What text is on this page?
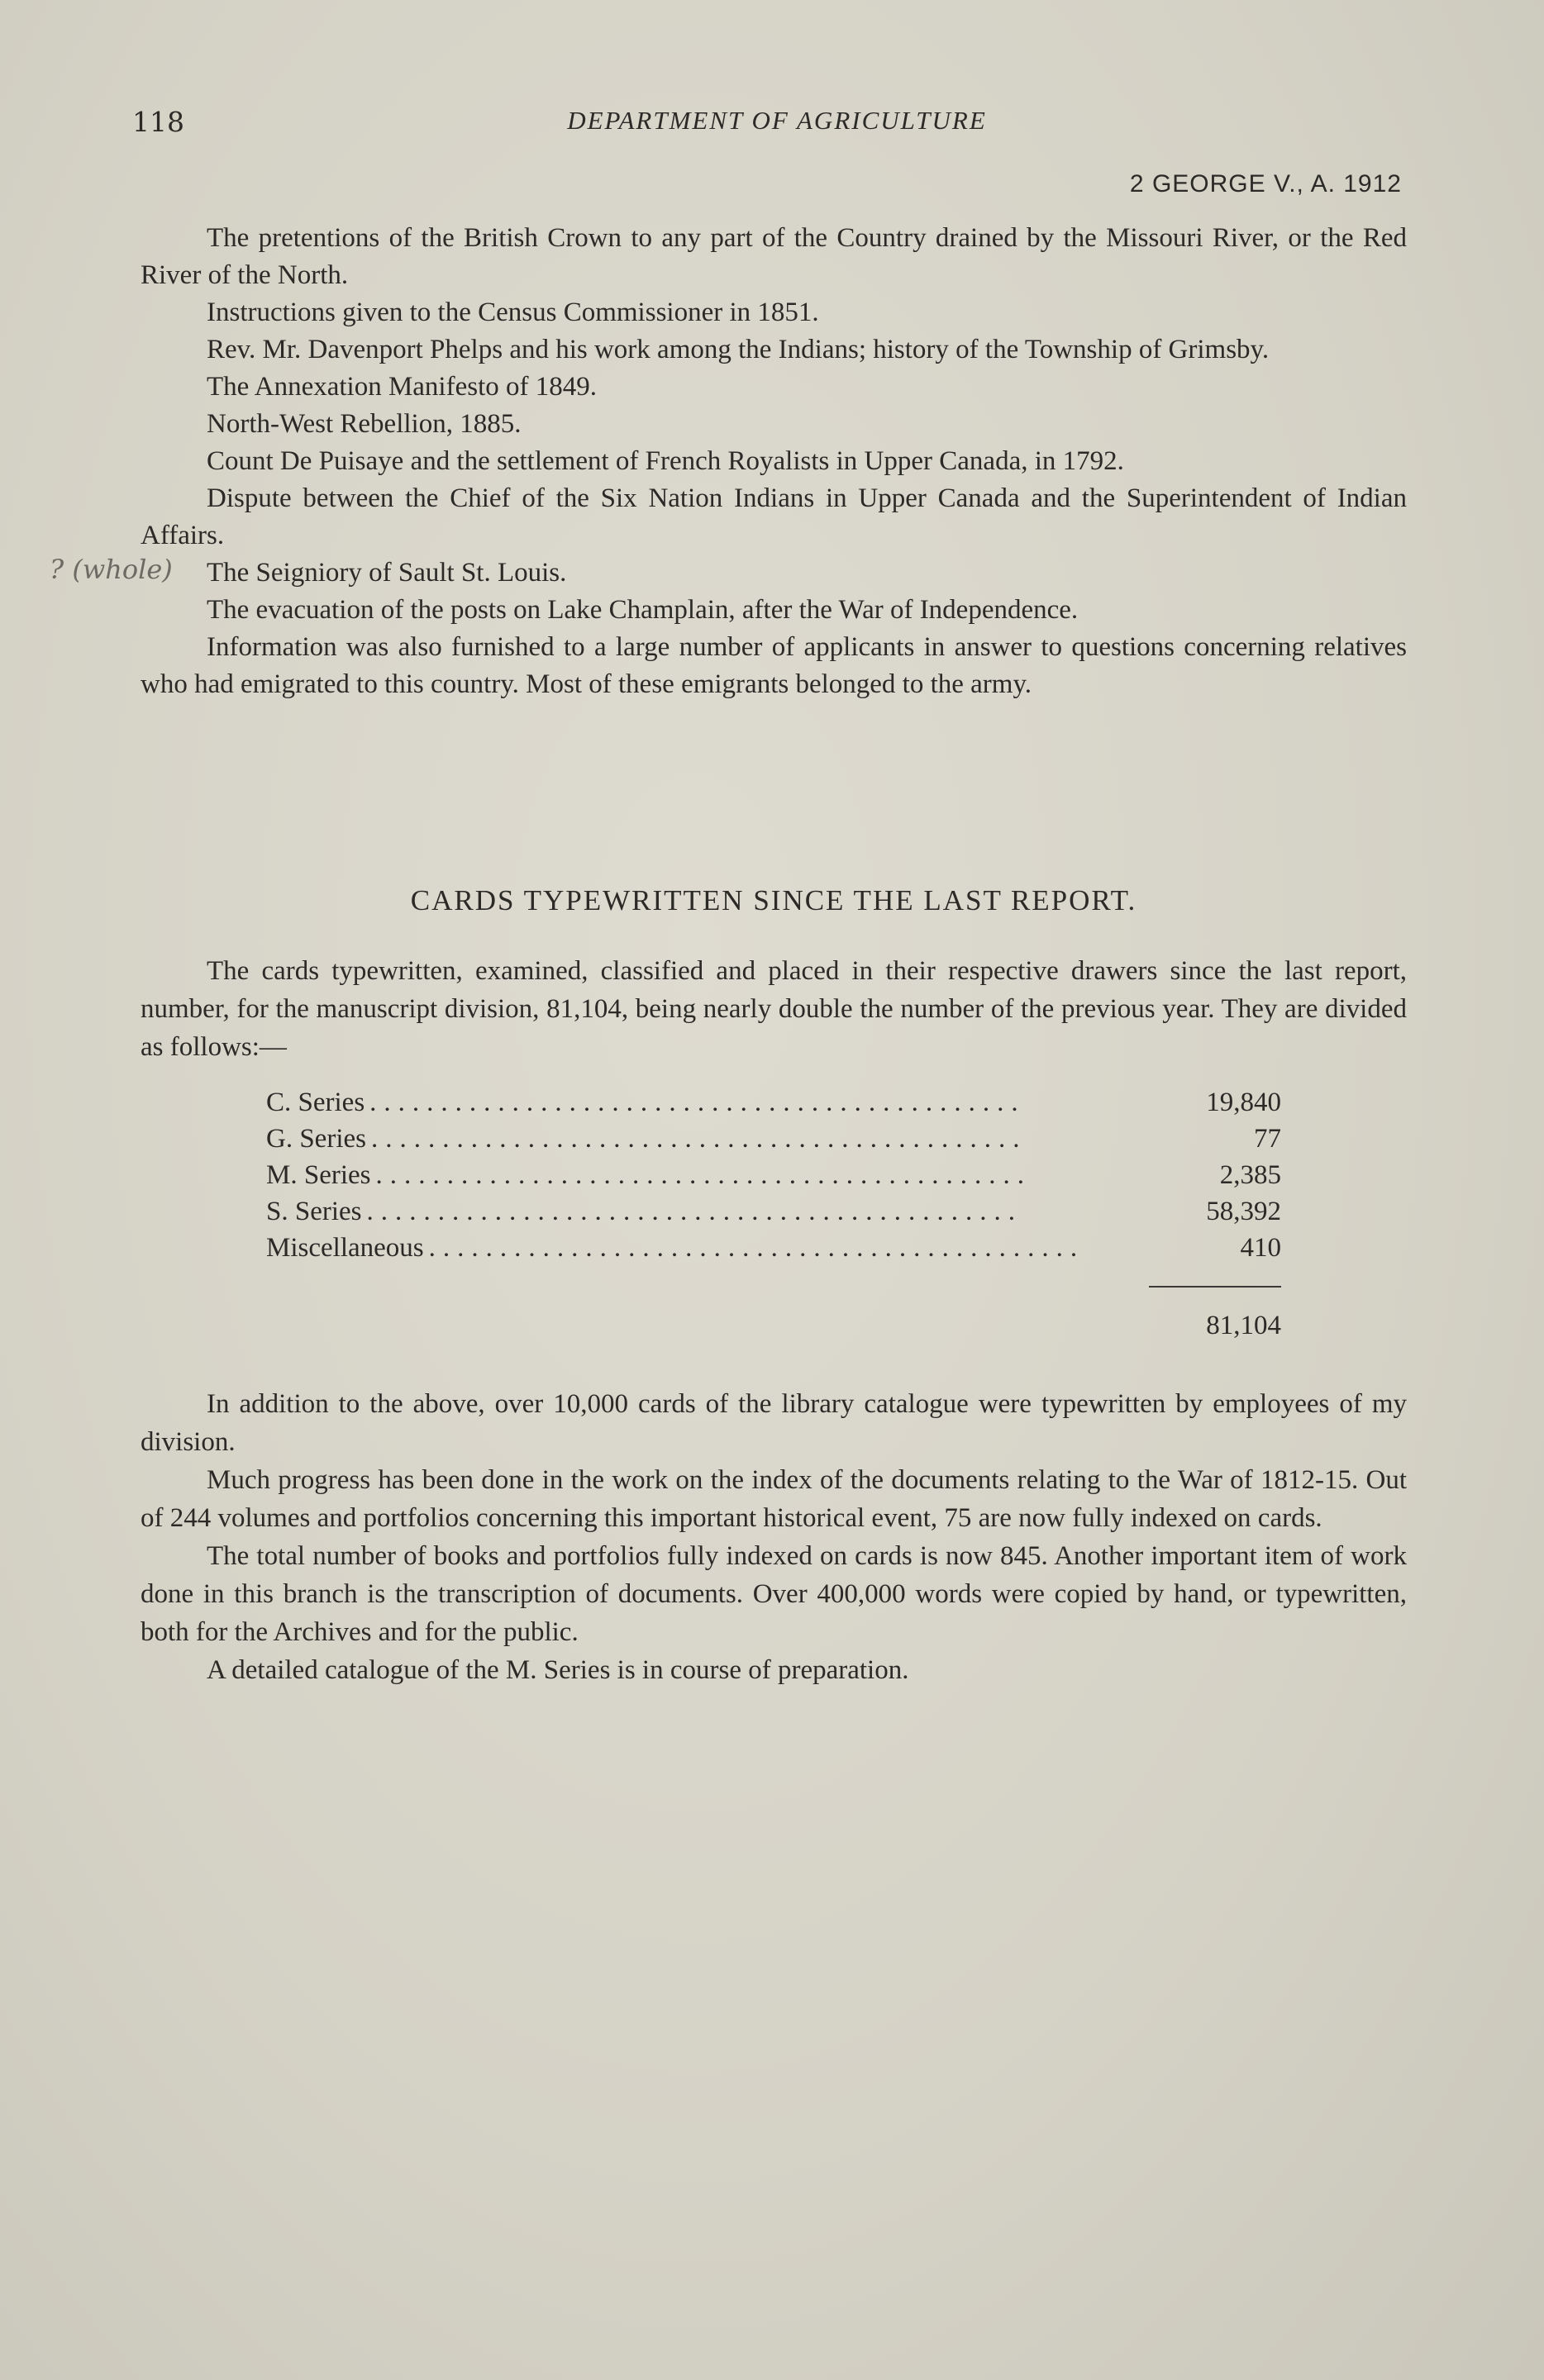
118	DEPARTMENT OF AGRICULTURE
2 GEORGE V., A. 1912
? (whole)

The pretentions of the British Crown to any part of the Country drained by the Missouri River, or the Red River of the North.

Instructions given to the Census Commissioner in 1851.

Rev. Mr. Davenport Phelps and his work among the Indians; history of the Township of Grimsby.

The Annexation Manifesto of 1849.

North-West Rebellion, 1885.

Count De Puisaye and the settlement of French Royalists in Upper Canada, in 1792.

Dispute between the Chief of the Six Nation Indians in Upper Canada and the Superintendent of Indian Affairs.

The Seigniory of Sault St. Louis.

The evacuation of the posts on Lake Champlain, after the War of Independence.

Information was also furnished to a large number of applicants in answer to questions concerning relatives who had emigrated to this country. Most of these emigrants belonged to the army.

CARDS TYPEWRITTEN SINCE THE LAST REPORT.

The cards typewritten, examined, classified and placed in their respective drawers since the last report, number, for the manuscript division, 81,104, being nearly double the number of the previous year. They are divided as follows:—

C. Series ..............................................	19,840
G. Series ..............................................	77
M. Series ..............................................	2,385
S. Series ..............................................	58,392
Miscellaneous ..............................................	410
81,104

In addition to the above, over 10,000 cards of the library catalogue were typewritten by employees of my division.

Much progress has been done in the work on the index of the documents relating to the War of 1812-15. Out of 244 volumes and portfolios concerning this important historical event, 75 are now fully indexed on cards.

The total number of books and portfolios fully indexed on cards is now 845. Another important item of work done in this branch is the transcription of documents. Over 400,000 words were copied by hand, or typewritten, both for the Archives and for the public.

A detailed catalogue of the M. Series is in course of preparation.
